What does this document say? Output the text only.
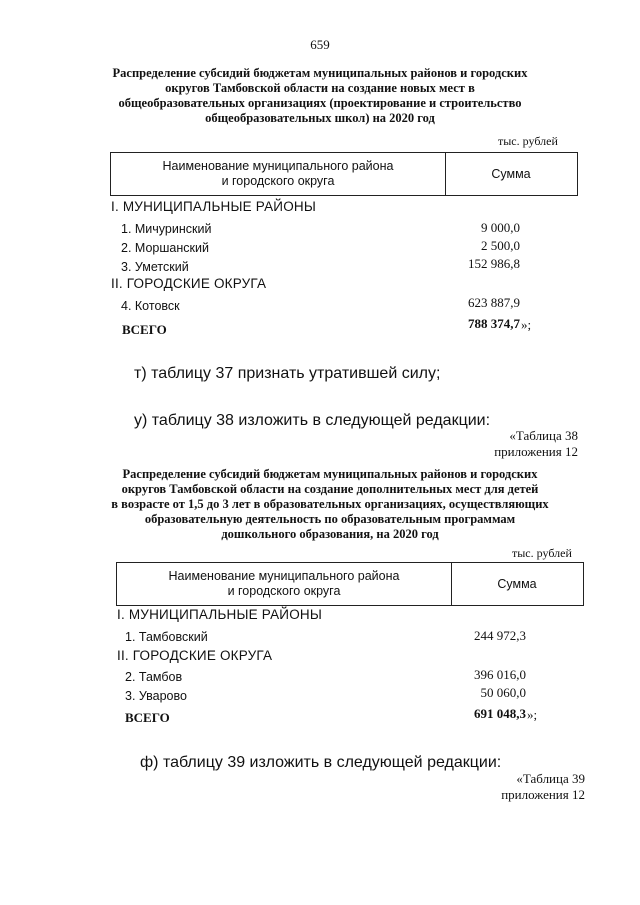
659
Распределение субсидий бюджетам муниципальных районов и городских
округов Тамбовской области на создание новых мест в
общеобразовательных организациях (проектирование и строительство
общеобразовательных школ) на 2020 год
тыс. рублей
Наименование муниципального района
и городского округа	Сумма
I. МУНИЦИПАЛЬНЫЕ РАЙОНЫ
1. Мичуринский	9 000,0
2. Моршанский	2 500,0
3. Уметский	152 986,8
II. ГОРОДСКИЕ ОКРУГА
4. Котовск	623 887,9
ВСЕГО	788 374,7 »;
т) таблицу 37 признать утратившей силу;
у) таблицу 38 изложить в следующей редакции:
«Таблица 38
приложения 12
Распределение субсидий бюджетам муниципальных районов и городских
округов Тамбовской области на создание дополнительных мест для детей
в возрасте от 1,5 до 3 лет в образовательных организациях, осуществляющих
образовательную деятельность по образовательным программам
дошкольного образования, на 2020 год
тыс. рублей
Наименование муниципального района
и городского округа	Сумма
I. МУНИЦИПАЛЬНЫЕ РАЙОНЫ
1. Тамбовский	244 972,3
II. ГОРОДСКИЕ ОКРУГА
2. Тамбов	396 016,0
3. Уварово	50 060,0
ВСЕГО	691 048,3 »;
ф) таблицу 39 изложить в следующей редакции:
«Таблица 39
приложения 12
